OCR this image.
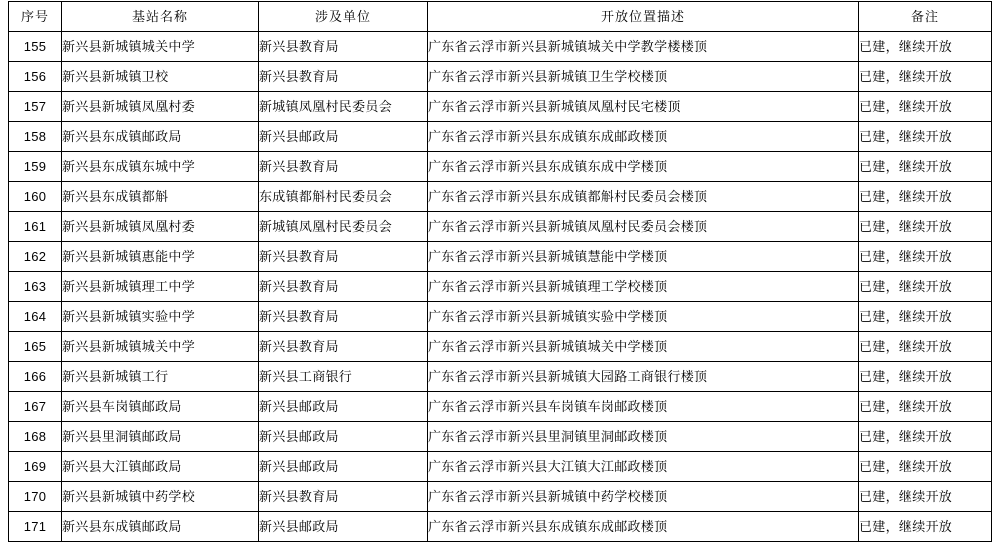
序号	基站名称	涉及单位	开放位置描述	备注
155	新兴县新城镇城关中学	新兴县教育局	广东省云浮市新兴县新城镇城关中学教学楼楼顶	已建，继续开放
156	新兴县新城镇卫校	新兴县教育局	广东省云浮市新兴县新城镇卫生学校楼顶	已建，继续开放
157	新兴县新城镇凤凰村委	新城镇凤凰村民委员会	广东省云浮市新兴县新城镇凤凰村民宅楼顶	已建，继续开放
158	新兴县东成镇邮政局	新兴县邮政局	广东省云浮市新兴县东成镇东成邮政楼顶	已建，继续开放
159	新兴县东成镇东城中学	新兴县教育局	广东省云浮市新兴县东成镇东成中学楼顶	已建，继续开放
160	新兴县东成镇都斛	东成镇都斛村民委员会	广东省云浮市新兴县东成镇都斛村民委员会楼顶	已建，继续开放
161	新兴县新城镇凤凰村委	新城镇凤凰村民委员会	广东省云浮市新兴县新城镇凤凰村民委员会楼顶	已建，继续开放
162	新兴县新城镇惠能中学	新兴县教育局	广东省云浮市新兴县新城镇慧能中学楼顶	已建，继续开放
163	新兴县新城镇理工中学	新兴县教育局	广东省云浮市新兴县新城镇理工学校楼顶	已建，继续开放
164	新兴县新城镇实验中学	新兴县教育局	广东省云浮市新兴县新城镇实验中学楼顶	已建，继续开放
165	新兴县新城镇城关中学	新兴县教育局	广东省云浮市新兴县新城镇城关中学楼顶	已建，继续开放
166	新兴县新城镇工行	新兴县工商银行	广东省云浮市新兴县新城镇大园路工商银行楼顶	已建，继续开放
167	新兴县车岗镇邮政局	新兴县邮政局	广东省云浮市新兴县车岗镇车岗邮政楼顶	已建，继续开放
168	新兴县里洞镇邮政局	新兴县邮政局	广东省云浮市新兴县里洞镇里洞邮政楼顶	已建，继续开放
169	新兴县大江镇邮政局	新兴县邮政局	广东省云浮市新兴县大江镇大江邮政楼顶	已建，继续开放
170	新兴县新城镇中药学校	新兴县教育局	广东省云浮市新兴县新城镇中药学校楼顶	已建，继续开放
171	新兴县东成镇邮政局	新兴县邮政局	广东省云浮市新兴县东成镇东成邮政楼顶	已建，继续开放
